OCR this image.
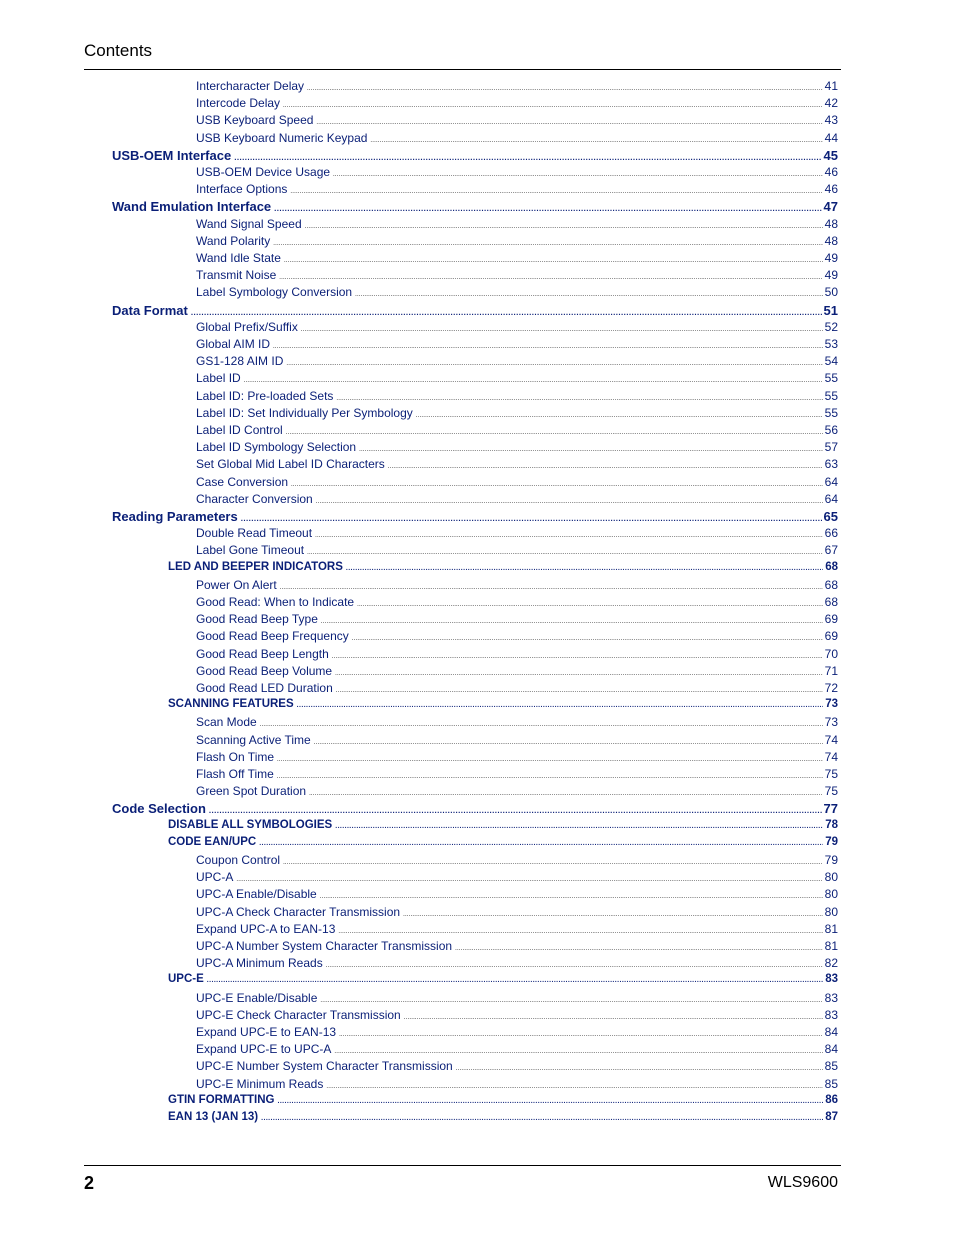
Contents
Intercharacter Delay .....	41
Intercode Delay .....	42
USB Keyboard Speed .....	43
USB Keyboard Numeric Keypad .....	44
USB-OEM Interface .....	45
USB-OEM Device Usage .....	46
Interface Options .....	46
Wand Emulation Interface .....	47
Wand Signal Speed .....	48
Wand Polarity .....	48
Wand Idle State .....	49
Transmit Noise .....	49
Label Symbology Conversion .....	50
Data Format .....	51
Global Prefix/Suffix .....	52
Global AIM ID .....	53
GS1-128 AIM ID .....	54
Label ID .....	55
Label ID: Pre-loaded Sets .....	55
Label ID: Set Individually Per Symbology .....	55
Label ID Control .....	56
Label ID Symbology Selection .....	57
Set Global Mid Label ID Characters .....	63
Case Conversion .....	64
Character Conversion .....	64
Reading Parameters .....	65
Double Read Timeout .....	66
Label Gone Timeout .....	67
LED AND BEEPER INDICATORS .....	68
Power On Alert .....	68
Good Read: When to Indicate .....	68
Good Read Beep Type .....	69
Good Read Beep Frequency .....	69
Good Read Beep Length .....	70
Good Read Beep Volume .....	71
Good Read LED Duration .....	72
SCANNING FEATURES .....	73
Scan Mode .....	73
Scanning Active Time .....	74
Flash On Time .....	74
Flash Off Time .....	75
Green Spot Duration .....	75
Code Selection .....	77
DISABLE ALL SYMBOLOGIES .....	78
CODE EAN/UPC .....	79
Coupon Control .....	79
UPC-A .....	80
UPC-A Enable/Disable .....	80
UPC-A Check Character Transmission .....	80
Expand UPC-A to EAN-13 .....	81
UPC-A Number System Character Transmission .....	81
UPC-A Minimum Reads .....	82
UPC-E .....	83
UPC-E Enable/Disable .....	83
UPC-E Check Character Transmission .....	83
Expand UPC-E to EAN-13 .....	84
Expand UPC-E to UPC-A .....	84
UPC-E Number System Character Transmission .....	85
UPC-E Minimum Reads .....	85
GTIN FORMATTING .....	86
EAN 13 (JAN 13) .....	87
2	WLS9600
